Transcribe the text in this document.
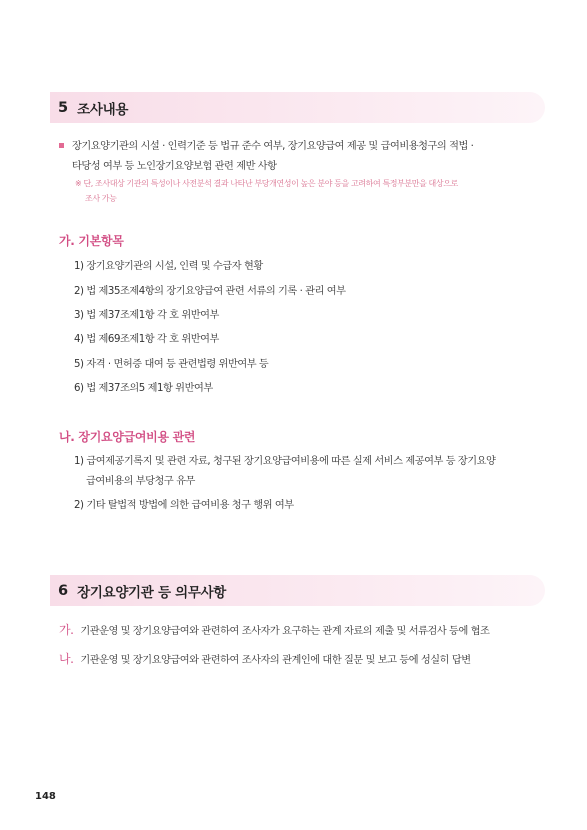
5 조사내용
장기요양기관의 시설 · 인력기준 등 법규 준수 여부, 장기요양급여 제공 및 급여비용청구의 적법 ·
타당성 여부 등 노인장기요양보험 관련 제반 사항
※ 단, 조사대상 기관의 특성이나 사전분석 결과 나타난 부당개연성이 높은 분야 등을 고려하여 특정부분만을 대상으로
조사 가능
가. 기본항목
1) 장기요양기관의 시설, 인력 및 수급자 현황
2) 법 제35조제4항의 장기요양급여 관련 서류의 기록 · 관리 여부
3) 법 제37조제1항 각 호 위반여부
4) 법 제69조제1항 각 호 위반여부
5) 자격 · 면허증 대여 등 관련법령 위반여부 등
6) 법 제37조의5 제1항 위반여부
나. 장기요양급여비용 관련
1) 급여제공기록지 및 관련 자료, 청구된 장기요양급여비용에 따른 실제 서비스 제공여부 등 장기요양
급여비용의 부당청구 유무
2) 기타 탈법적 방법에 의한 급여비용 청구 행위 여부
6 장기요양기관 등 의무사항
가. 기관운영 및 장기요양급여와 관련하여 조사자가 요구하는 관계 자료의 제출 및 서류검사 등에 협조
나. 기관운영 및 장기요양급여와 관련하여 조사자의 관계인에 대한 질문 및 보고 등에 성실히 답변
148
